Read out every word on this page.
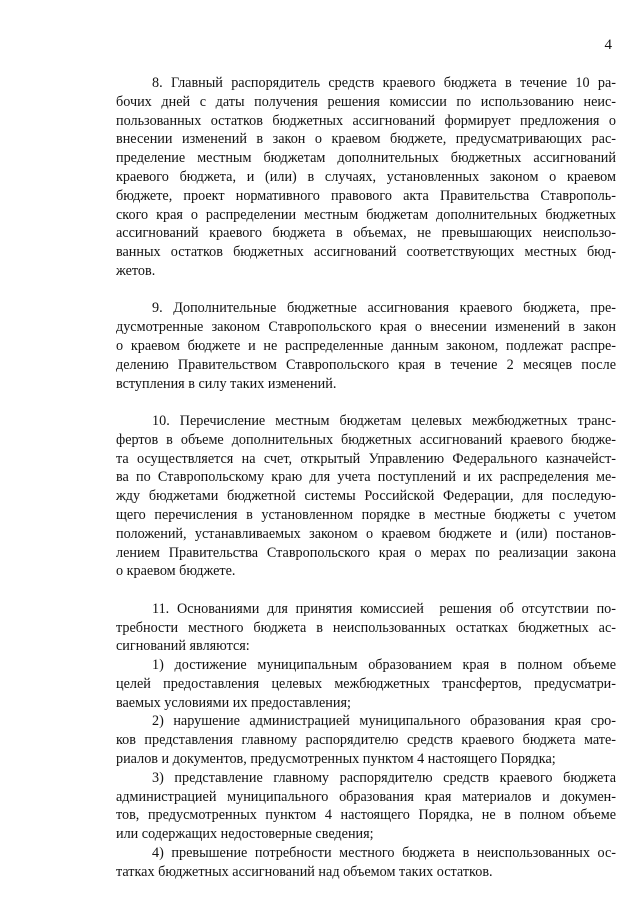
4
8. Главный распорядитель средств краевого бюджета в течение 10 ра-
бочих дней с даты получения решения комиссии по использованию неис-
пользованных остатков бюджетных ассигнований формирует предложения о
внесении изменений в закон о краевом бюджете, предусматривающих рас-
пределение местным бюджетам дополнительных бюджетных ассигнований
краевого бюджета, и (или) в случаях, установленных законом о краевом
бюджете, проект нормативного правового акта Правительства Ставрополь-
ского края о распределении местным бюджетам дополнительных бюджетных
ассигнований краевого бюджета в объемах, не превышающих неиспользо-
ванных остатков бюджетных ассигнований соответствующих местных бюд-
жетов.
9. Дополнительные бюджетные ассигнования краевого бюджета, пре-
дусмотренные законом Ставропольского края о внесении изменений в закон
о краевом бюджете и не распределенные данным законом, подлежат распре-
делению Правительством Ставропольского края в течение 2 месяцев после
вступления в силу таких изменений.
10. Перечисление местным бюджетам целевых межбюджетных транс-
фертов в объеме дополнительных бюджетных ассигнований краевого бюдже-
та осуществляется на счет, открытый Управлению Федерального казначейст-
ва по Ставропольскому краю для учета поступлений и их распределения ме-
жду бюджетами бюджетной системы Российской Федерации, для последую-
щего перечисления в установленном порядке в местные бюджеты с учетом
положений, устанавливаемых законом о краевом бюджете и (или) постанов-
лением Правительства Ставропольского края о мерах по реализации закона
о краевом бюджете.
11. Основаниями для принятия комиссией  решения об отсутствии по-
требности местного бюджета в неиспользованных остатках бюджетных ас-
сигнований являются:
1) достижение муниципальным образованием края в полном объеме
целей предоставления целевых межбюджетных трансфертов, предусматри-
ваемых условиями их предоставления;
2) нарушение администрацией муниципального образования края сро-
ков представления главному распорядителю средств краевого бюджета мате-
риалов и документов, предусмотренных пунктом 4 настоящего Порядка;
3) представление главному распорядителю средств краевого бюджета
администрацией муниципального образования края материалов и докумен-
тов, предусмотренных пунктом 4 настоящего Порядка, не в полном объеме
или содержащих недостоверные сведения;
4) превышение потребности местного бюджета в неиспользованных ос-
татках бюджетных ассигнований над объемом таких остатков.
